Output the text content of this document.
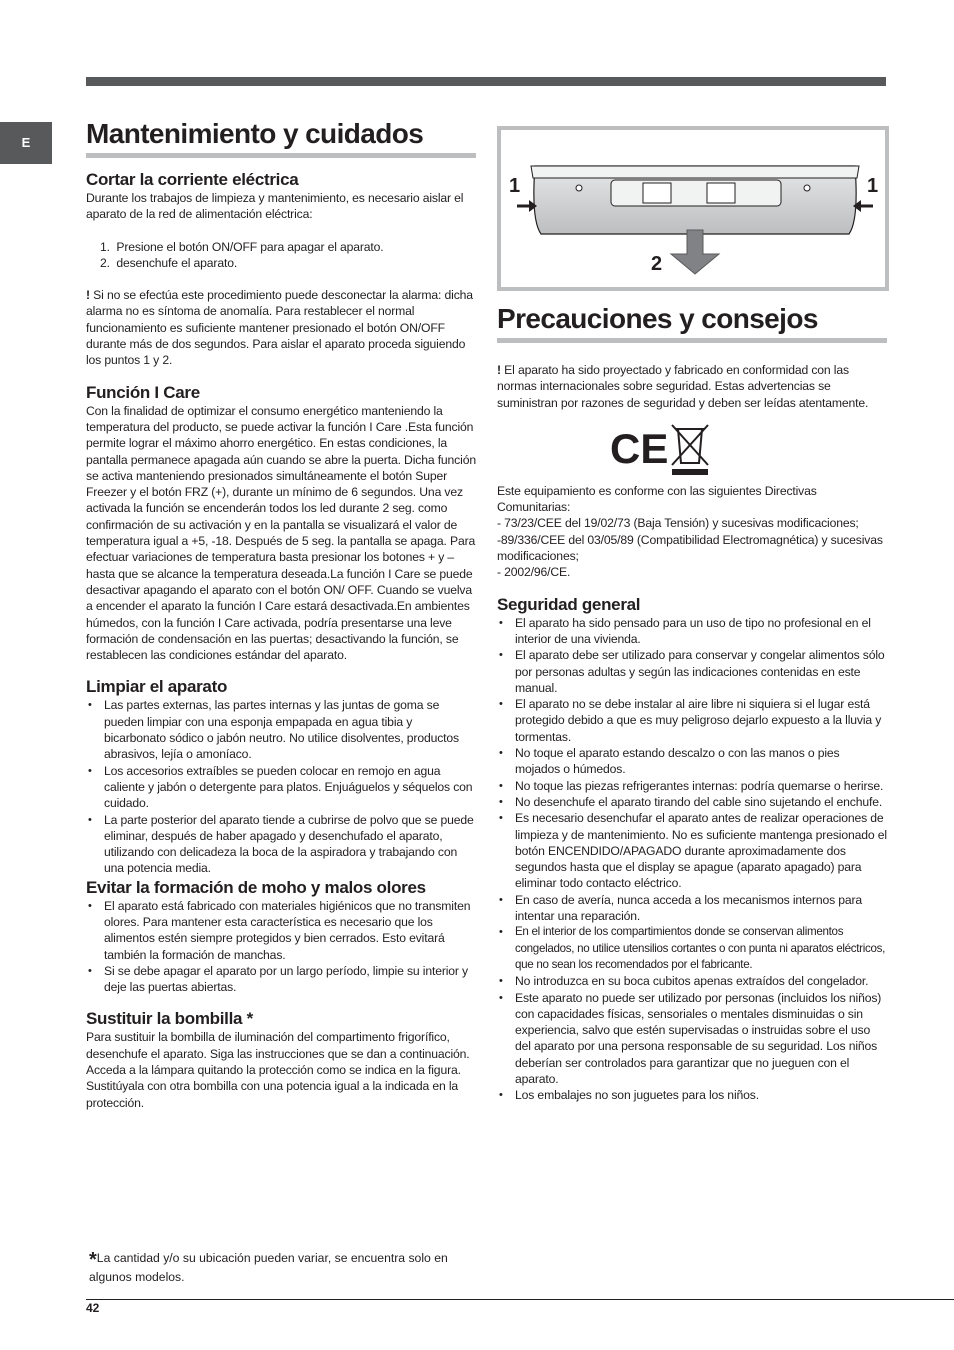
E	Mantenimiento y cuidados
Cortar la corriente eléctrica

Durante los trabajos de limpieza y mantenimiento, es necesario aislar el aparato de la red de alimentación eléctrica:

1. Presione el botón ON/OFF para apagar el aparato.
2. desenchufe el aparato.

! Si no se efectúa este procedimiento puede desconectar la alarma: dicha alarma no es síntoma de anomalía. Para restablecer el normal funcionamiento es suficiente mantener presionado el botón ON/OFF durante más de dos segundos. Para aislar el aparato proceda siguiendo los puntos 1 y 2.

Función I Care

Con la finalidad de optimizar el consumo energético manteniendo la temperatura del producto, se puede activar la función I Care .Esta función permite lograr el máximo ahorro energético. En estas condiciones, la pantalla permanece apagada aún cuando se abre la puerta. Dicha función se activa manteniendo presionados simultáneamente el botón Super Freezer y el botón FRZ (+), durante un mínimo de 6 segundos. Una vez activada la función se encenderán todos los led durante 2 seg. como confirmación de su activación y en la pantalla se visualizará el valor de temperatura igual a +5, -18. Después de 5 seg. la pantalla se apaga. Para efectuar variaciones de temperatura basta presionar los botones + y – hasta que se alcance la temperatura deseada.La función I Care se puede desactivar apagando el aparato con el botón ON/ OFF. Cuando se vuelva a encender el aparato la función I Care estará desactivada.En ambientes húmedos, con la función I Care activada, podría presentarse una leve formación de condensación en las puertas; desactivando la función, se restablecen las condiciones estándar del aparato.

Limpiar el aparato
• Las partes externas, las partes internas y las juntas de goma se pueden limpiar con una esponja empapada en agua tibia y bicarbonato sódico o jabón neutro. No utilice disolventes, productos abrasivos, lejía o amoníaco.
• Los accesorios extraíbles se pueden colocar en remojo en agua caliente y jabón o detergente para platos. Enjuáguelos y séquelos con cuidado.
• La parte posterior del aparato tiende a cubrirse de polvo que se puede eliminar, después de haber apagado y desenchufado el aparato, utilizando con delicadeza la boca de la aspiradora y trabajando con una potencia media.
Evitar la formación de moho y malos olores
• El aparato está fabricado con materiales higiénicos que no transmiten olores. Para mantener esta característica es necesario que los alimentos estén siempre protegidos y bien cerrados. Esto evitará también la formación de manchas.
• Si se debe apagar el aparato por un largo período, limpie su interior y deje las puertas abiertas.
Sustituir la bombilla *

Para sustituir la bombilla de iluminación del compartimento frigorífico, desenchufe el aparato. Siga las instrucciones que se dan a continuación. Acceda a la lámpara quitando la protección como se indica en la figura. Sustitúyala con otra bombilla con una potencia igual a la indicada en la protección.

1	1
2
Precauciones y consejos

! El aparato ha sido proyectado y fabricado en conformidad con las normas internacionales sobre seguridad. Estas advertencias se suministran por razones de seguridad y deben ser leídas atentamente.

CE

Este equipamiento es conforme con las siguientes Directivas Comunitarias:

- 73/23/CEE del 19/02/73 (Baja Tensión) y sucesivas modificaciones;

-89/336/CEE del 03/05/89 (Compatibilidad Electromagnética) y sucesivas modificaciones;

- 2002/96/CE.

Seguridad general
• El aparato ha sido pensado para un uso de tipo no profesional en el interior de una vivienda.
• El aparato debe ser utilizado para conservar y congelar alimentos sólo por personas adultas y según las indicaciones contenidas en este manual.
• El aparato no se debe instalar al aire libre ni siquiera si el lugar está protegido debido a que es muy peligroso dejarlo expuesto a la lluvia y tormentas.
• No toque el aparato estando descalzo o con las manos o pies mojados o húmedos.
• No toque las piezas refrigerantes internas: podría quemarse o herirse.
• No desenchufe el aparato tirando del cable sino sujetando el enchufe.
• Es necesario desenchufar el aparato antes de realizar operaciones de limpieza y de mantenimiento. No es suficiente mantenga presionado el botón ENCENDIDO/APAGADO durante aproximadamente dos segundos hasta que el display se apague (aparato apagado) para eliminar todo contacto eléctrico.
• En caso de avería, nunca acceda a los mecanismos internos para intentar una reparación.
• En el interior de los compartimientos donde se conservan alimentos congelados, no utilice utensilios cortantes o con punta ni aparatos eléctricos, que no sean los recomendados por el fabricante.
• No introduzca en su boca cubitos apenas extraídos del congelador.
• Este aparato no puede ser utilizado por personas (incluidos los niños) con capacidades físicas, sensoriales o mentales disminuidas o sin experiencia, salvo que estén supervisadas o instruidas sobre el uso del aparato por una persona responsable de su seguridad. Los niños deberían ser controlados para garantizar que no jueguen con el aparato.
• Los embalajes no son juguetes para los niños.
*La cantidad y/o su ubicación pueden variar, se encuentra solo en algunos modelos.
42
